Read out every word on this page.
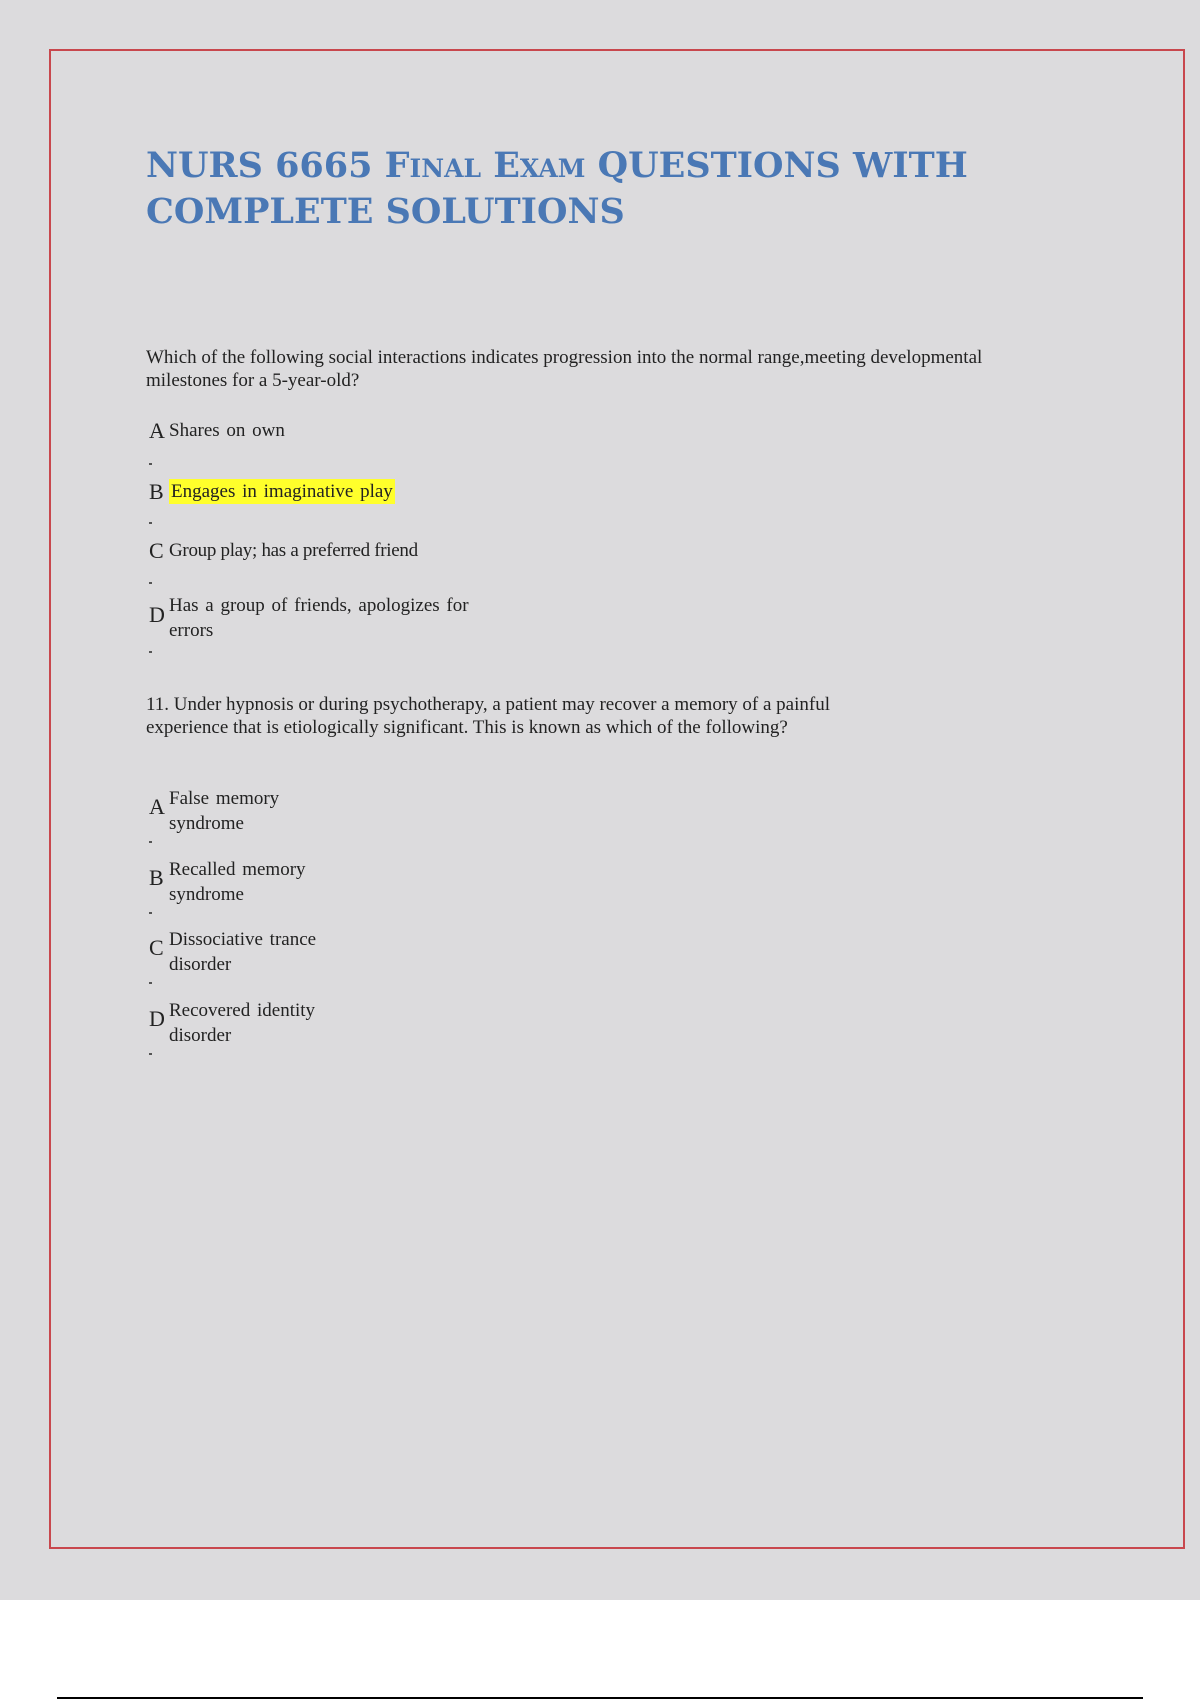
NURS 6665 Final Exam QUESTIONS WITH
COMPLETE SOLUTIONS

Which of the following social interactions indicates progression into the normal range,meeting developmental milestones for a 5-year-old?

A Shares on own
B Engages in imaginative play
C Group play; has a preferred friend
D Has a group of friends, apologizes for errors

11. Under hypnosis or during psychotherapy, a patient may recover a memory of a painful experience that is etiologically significant. This is known as which of the following?

A False memory syndrome
B Recalled memory syndrome
C Dissociative trance disorder
D Recovered identity disorder
